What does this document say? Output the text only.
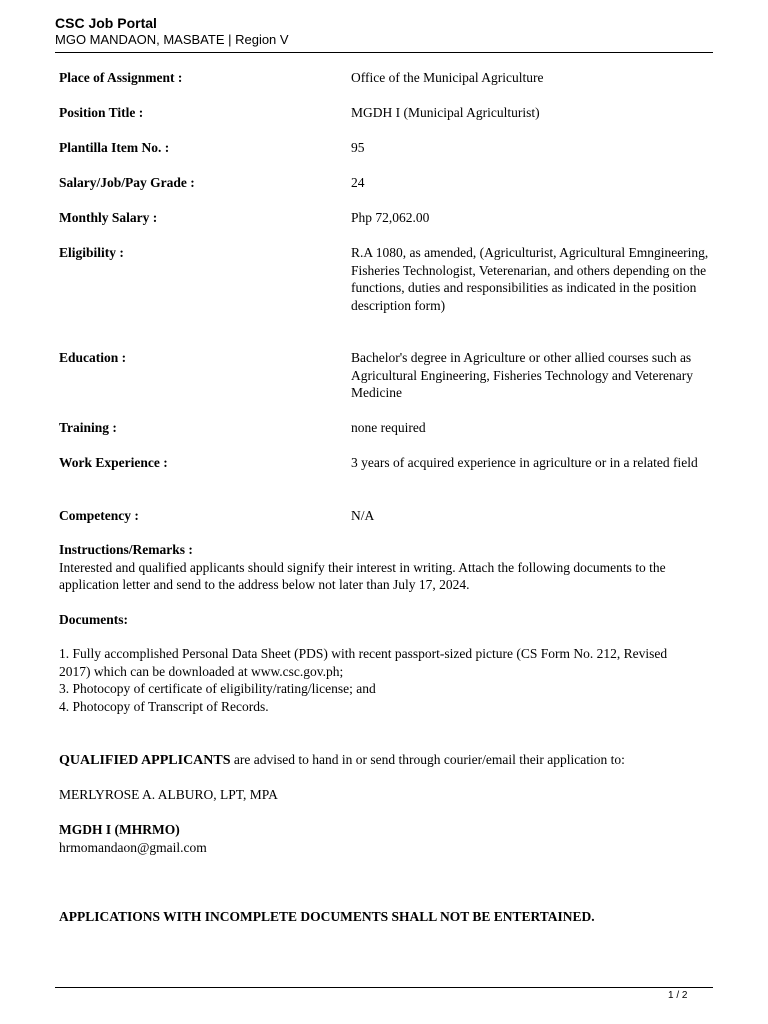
CSC Job Portal
MGO MANDAON, MASBATE | Region V
Place of Assignment :	Office of the Municipal Agriculture
Position Title :	MGDH I (Municipal Agriculturist)
Plantilla Item No. :	95
Salary/Job/Pay Grade :	24
Monthly Salary :	Php 72,062.00
Eligibility :	R.A 1080, as amended, (Agriculturist, Agricultural Emngineering, Fisheries Technologist, Veterenarian, and others depending on the functions, duties and responsibilities as indicated in the position description form)
Education :	Bachelor's degree in Agriculture or other allied courses such as Agricultural Engineering, Fisheries Technology and Veterenary Medicine
Training :	none required
Work Experience :	3 years of acquired experience in agriculture or in a related field
Competency :	N/A
Instructions/Remarks :
Interested and qualified applicants should signify their interest in writing. Attach the following documents to the application letter and send to the address below not later than July 17, 2024.
Documents:
1. Fully accomplished Personal Data Sheet (PDS) with recent passport-sized picture (CS Form No. 212, Revised 2017) which can be downloaded at www.csc.gov.ph;
3. Photocopy of certificate of eligibility/rating/license; and
4. Photocopy of Transcript of Records.
QUALIFIED APPLICANTS are advised to hand in or send through courier/email their application to:
MERLYROSE A. ALBURO, LPT, MPA
MGDH I (MHRMO)
hrmomandaon@gmail.com
APPLICATIONS WITH INCOMPLETE DOCUMENTS SHALL NOT BE ENTERTAINED.
1 / 2
